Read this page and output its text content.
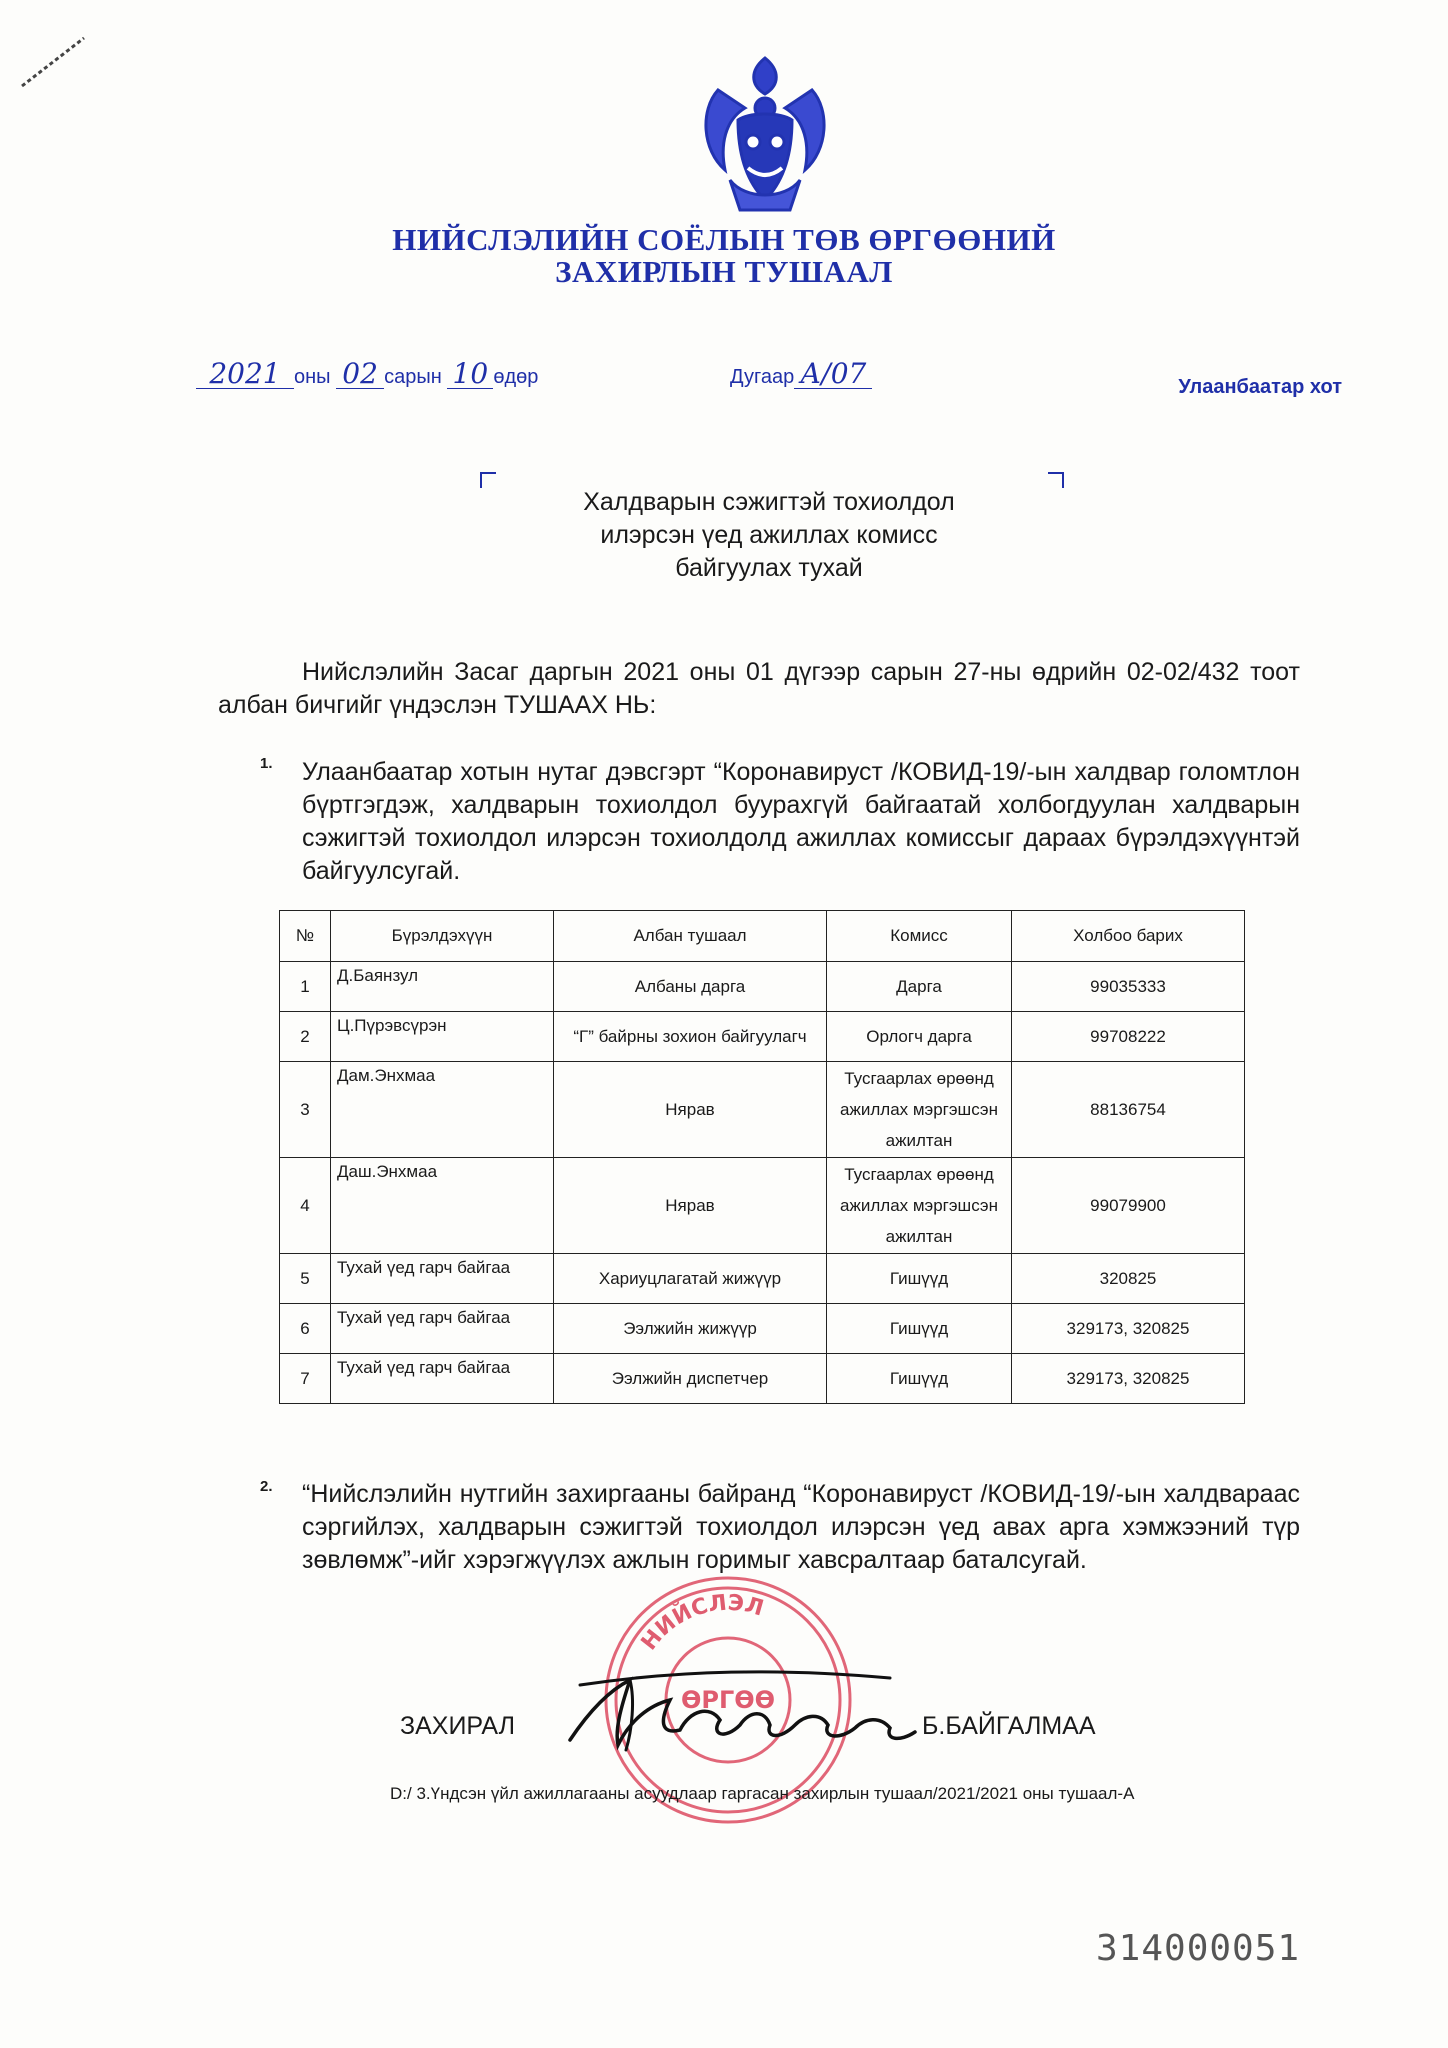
НИЙСЛЭЛИЙН СОЁЛЫН ТӨВ ӨРГӨӨНИЙ
ЗАХИРЛЫН ТУШААЛ
2021 оны 02 сарын 10 өдөр	Дугаар А/07	Улаанбаатар хот
Халдварын сэжигтэй тохиолдол
илэрсэн үед ажиллах комисс
байгуулах тухай
Нийслэлийн Засаг даргын 2021 оны 01 дүгээр сарын 27-ны өдрийн 02-02/432 тоот албан бичгийг үндэслэн ТУШААХ НЬ:
1. Улаанбаатар хотын нутаг дэвсгэрт “Коронавируст /КОВИД-19/-ын халдвар голомтлон бүртгэгдэж, халдварын тохиолдол буурахгүй байгаатай холбогдуулан халдварын сэжигтэй тохиолдол илэрсэн тохиолдолд ажиллах комиссыг дараах бүрэлдэхүүнтэй байгуулсугай.
№	Бүрэлдэхүүн	Албан тушаал	Комисс	Холбоо барих
1	Д.Баянзул	Албаны дарга	Дарга	99035333
2	Ц.Пүрэвсүрэн	“Г” байрны зохион байгуулагч	Орлогч дарга	99708222
3	Дам.Энхмаа	Нярав	Тусгаарлах өрөөнд ажиллах мэргэшсэн ажилтан	88136754
4	Даш.Энхмаа	Нярав	Тусгаарлах өрөөнд ажиллах мэргэшсэн ажилтан	99079900
5	Тухай үед гарч байгаа	Хариуцлагатай жижүүр	Гишүүд	320825
6	Тухай үед гарч байгаа	Ээлжийн жижүүр	Гишүүд	329173, 320825
7	Тухай үед гарч байгаа	Ээлжийн диспетчер	Гишүүд	329173, 320825
2. “Нийслэлийн нутгийн захиргааны байранд “Коронавируст /КОВИД-19/-ын халдвараас сэргийлэх, халдварын сэжигтэй тохиолдол илэрсэн үед авах арга хэмжээний түр зөвлөмж”-ийг хэрэгжүүлэх ажлын горимыг хавсралтаар баталсугай.
НИЙСЛЭЛ
ӨРГӨӨ
ЗАХИРАЛ	Б.БАЙГАЛМАА
D:/ 3.Үндсэн үйл ажиллагааны асуудлаар гаргасан захирлын тушаал/2021/2021 оны тушаал-А
314000051
